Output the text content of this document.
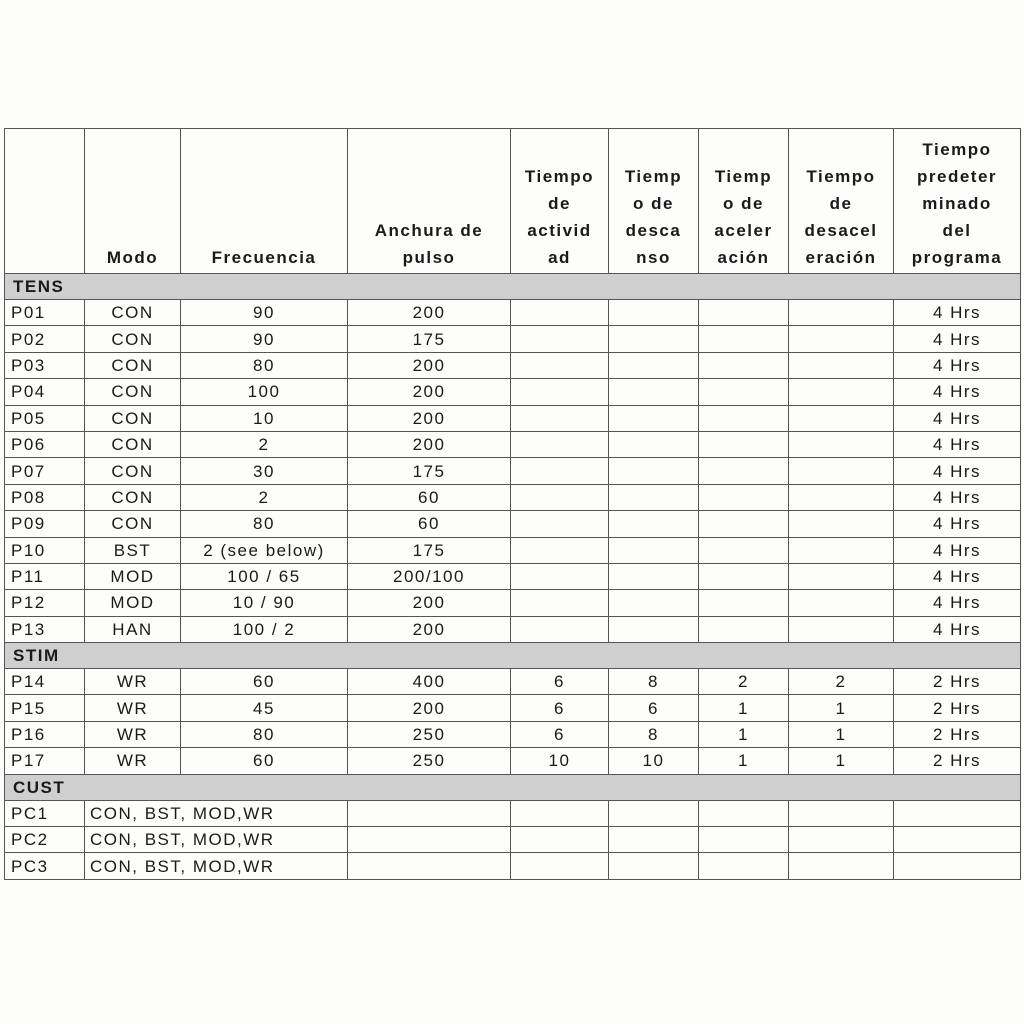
	Modo	Frecuencia	Anchura de
pulso	Tiempo
de
activid
ad	Tiemp
o de
desca
nso	Tiemp
o de
aceler
ación	Tiempo
de
desacel
eración	Tiempo
predeter
minado
del
programa

TENS								
P01	CON	90	200					4 Hrs
P02	CON	90	175					4 Hrs
P03	CON	80	200					4 Hrs
P04	CON	100	200					4 Hrs
P05	CON	10	200					4 Hrs
P06	CON	2	200					4 Hrs
P07	CON	30	175					4 Hrs
P08	CON	2	60					4 Hrs
P09	CON	80	60					4 Hrs
P10	BST	2 (see below)	175					4 Hrs
P11	MOD	100 / 65	200/100					4 Hrs
P12	MOD	10 / 90	200					4 Hrs
P13	HAN	100 / 2	200					4 Hrs
STIM								
P14	WR	60	400	6	8	2	2	2 Hrs
P15	WR	45	200	6	6	1	1	2 Hrs
P16	WR	80	250	6	8	1	1	2 Hrs
P17	WR	60	250	10	10	1	1	2 Hrs
CUST								
PC1	CON, BST, MOD,WR							
PC2	CON, BST, MOD,WR							
PC3	CON, BST, MOD,WR							
